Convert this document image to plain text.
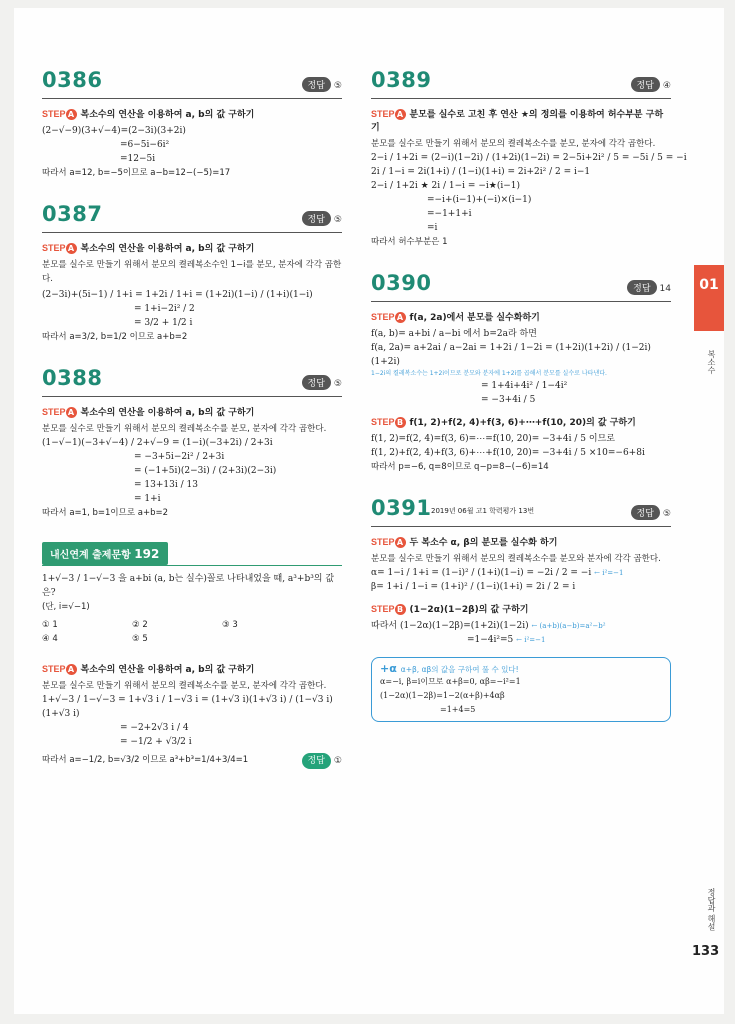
0386	정답 ⑤
STEP A 복소수의 연산을 이용하여 a, b의 값 구하기
(2−√−9)(3+√−4)=(2−3i)(3+2i)
=6−5i−6i²
=12−5i
따라서 a=12, b=−5이므로 a−b=12−(−5)=17
0387	정답 ⑤
STEP A 복소수의 연산을 이용하여 a, b의 값 구하기
분모를 실수로 만들기 위해서 분모의 켤레복소수인 1−i를 분모, 분자에 각각 곱한다.
(2−3i)+(5i−1) / 1+i = 1+2i / 1+i = (1+2i)(1−i) / (1+i)(1−i)
= 1+i−2i² / 2
= 3/2 + 1/2 i
따라서 a=3/2, b=1/2 이므로 a+b=2
0388	정답 ⑤
STEP A 복소수의 연산을 이용하여 a, b의 값 구하기
분모를 실수로 만들기 위해서 분모의 켤레복소수를 분모, 분자에 각각 곱한다.
(1−√−1)(−3+√−4) / 2+√−9 = (1−i)(−3+2i) / 2+3i
= −3+5i−2i² / 2+3i
= (−1+5i)(2−3i) / (2+3i)(2−3i)
= 13+13i / 13
= 1+i
따라서 a=1, b=1이므로 a+b=2
내신연계 출제문항 192
1+√−3 / 1−√−3 을 a+bi (a, b는 실수)꼴로 나타내었을 때, a³+b³의 값은?
(단, i=√−1)
① 1	② 2	③ 3
④ 4	⑤ 5
STEP A 복소수의 연산을 이용하여 a, b의 값 구하기
분모를 실수로 만들기 위해서 분모의 켤레복소수를 분모, 분자에 각각 곱한다.
1+√−3 / 1−√−3 = 1+√3 i / 1−√3 i = (1+√3 i)(1+√3 i) / (1−√3 i)(1+√3 i)
= −2+2√3 i / 4
= −1/2 + √3/2 i
따라서 a=−1/2, b=√3/2 이므로 a³+b³=1/4+3/4=1	정답 ①
0389	정답 ④
STEP A 분모를 실수로 고친 후 연산 ★의 정의를 이용하여 허수부분 구하기
분모를 실수로 만들기 위해서 분모의 켤레복소수를 분모, 분자에 각각 곱한다.
2−i / 1+2i = (2−i)(1−2i) / (1+2i)(1−2i) = 2−5i+2i² / 5 = −5i / 5 = −i
2i / 1−i = 2i(1+i) / (1−i)(1+i) = 2i+2i² / 2 = i−1
2−i / 1+2i ★ 2i / 1−i = −i★(i−1)
=−i+(i−1)+(−i)×(i−1)
=−1+1+i
=i
따라서 허수부분은 1
0390	정답 14
STEP A f(a, 2a)에서 분모를 실수화하기
f(a, b)= a+bi / a−bi 에서 b=2a라 하면
f(a, 2a)= a+2ai / a−2ai = 1+2i / 1−2i = (1+2i)(1+2i) / (1−2i)(1+2i)
1−2i의 켤레복소수는 1+2i이므로 분모와 분자에 1+2i를 곱해서 분모를 실수로 나타낸다.
= 1+4i+4i² / 1−4i²
= −3+4i / 5
STEP B f(1, 2)+f(2, 4)+f(3, 6)+⋯+f(10, 20)의 값 구하기
f(1, 2)=f(2, 4)=f(3, 6)=⋯=f(10, 20)= −3+4i / 5 이므로
f(1, 2)+f(2, 4)+f(3, 6)+⋯+f(10, 20)= −3+4i / 5 ×10=−6+8i
따라서 p=−6, q=8이므로 q−p=8−(−6)=14
0391 2019년 06월 고1 학력평가 13번	정답 ⑤
STEP A 두 복소수 α, β의 분모를 실수화 하기
분모를 실수로 만들기 위해서 분모의 켤레복소수를 분모와 분자에 각각 곱한다.
α= 1−i / 1+i = (1−i)² / (1+i)(1−i) = −2i / 2 = −i ← i²=−1
β= 1+i / 1−i = (1+i)² / (1−i)(1+i) = 2i / 2 = i
STEP B (1−2α)(1−2β)의 값 구하기
따라서 (1−2α)(1−2β)=(1+2i)(1−2i) ← (a+b)(a−b)=a²−b²
=1−4i²=5 ← i²=−1
+α α+β, αβ의 값을 구하여 풀 수 있다!
α=−i, β=i이므로 α+β=0, αβ=−i²=1
(1−2α)(1−2β)=1−2(α+β)+4αβ
=1+4=5
01
복소수
정답과 해설
133
